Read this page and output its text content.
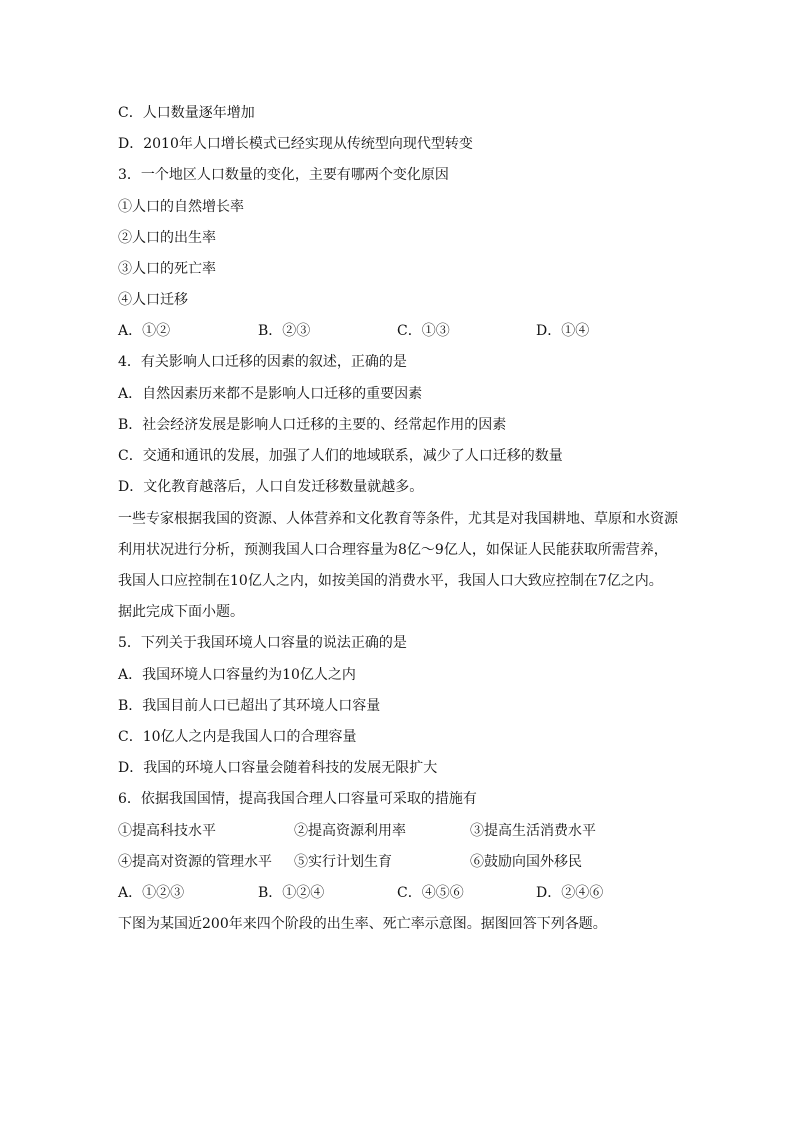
C．人口数量逐年增加
D．2010年人口增长模式已经实现从传统型向现代型转变
3．一个地区人口数量的变化，主要有哪两个变化原因
①人口的自然增长率
②人口的出生率
③人口的死亡率
④人口迁移
A．①②	B．②③	C．①③	D．①④
4．有关影响人口迁移的因素的叙述，正确的是
A．自然因素历来都不是影响人口迁移的重要因素
B．社会经济发展是影响人口迁移的主要的、经常起作用的因素
C．交通和通讯的发展，加强了人们的地域联系，减少了人口迁移的数量
D．文化教育越落后，人口自发迁移数量就越多。
一些专家根据我国的资源、人体营养和文化教育等条件，尤其是对我国耕地、草原和水资源
利用状况进行分析，预测我国人口合理容量为8亿～9亿人，如保证人民能获取所需营养，
我国人口应控制在10亿人之内，如按美国的消费水平，我国人口大致应控制在7亿之内。
据此完成下面小题。
5．下列关于我国环境人口容量的说法正确的是
A．我国环境人口容量约为10亿人之内
B．我国目前人口已超出了其环境人口容量
C．10亿人之内是我国人口的合理容量
D．我国的环境人口容量会随着科技的发展无限扩大
6．依据我国国情，提高我国合理人口容量可采取的措施有
①提高科技水平	②提高资源利用率	③提高生活消费水平
④提高对资源的管理水平 ⑤实行计划生育	⑥鼓励向国外移民
A．①②③	B．①②④	C．④⑤⑥	D．②④⑥
下图为某国近200年来四个阶段的出生率、死亡率示意图。据图回答下列各题。
